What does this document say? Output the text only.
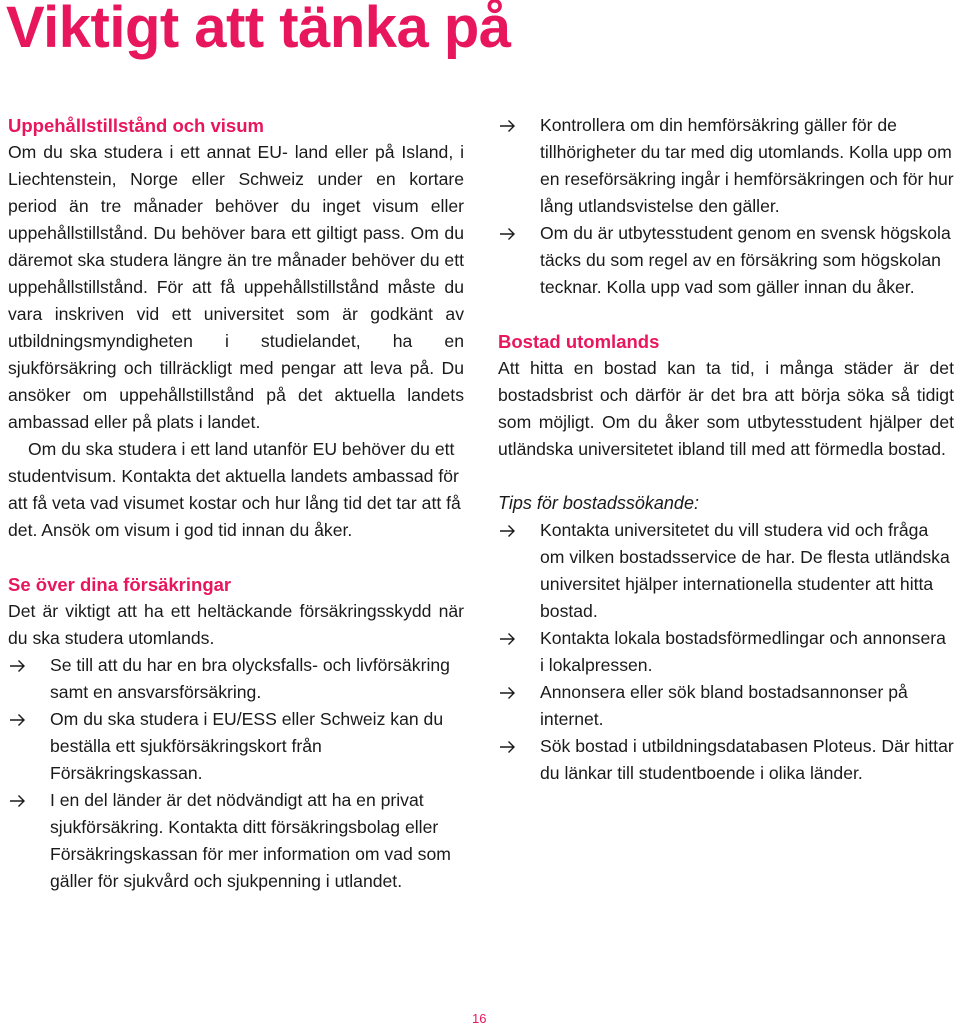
Viktigt att tänka på
Uppehållstillstånd och visum

Om du ska studera i ett annat EU- land eller på Island, i Liechtenstein, Norge eller Schweiz under en kortare period än tre månader behöver du inget visum eller uppehållstillstånd. Du behöver bara ett giltigt pass. Om du däremot ska studera längre än tre månader behöver du ett uppehållstillstånd. För att få uppehållstillstånd måste du vara inskriven vid ett universitet som är godkänt av utbildningsmyndigheten i studielandet, ha en sjukförsäkring och tillräckligt med pengar att leva på. Du ansöker om uppehållstillstånd på det aktuella landets ambassad eller på plats i landet.

Om du ska studera i ett land utanför EU behöver du ett studentvisum. Kontakta det aktuella landets ambassad för att få veta vad visumet kostar och hur lång tid det tar att få det. Ansök om visum i god tid innan du åker.

Se över dina försäkringar

Det är viktigt att ha ett heltäckande försäkringsskydd när du ska studera utomlands.

Se till att du har en bra olycksfalls- och livförsäkring samt en ansvarsförsäkring.
Om du ska studera i EU/ESS eller Schweiz kan du beställa ett sjukförsäkringskort från Försäkringskassan.
I en del länder är det nödvändigt att ha en privat sjukförsäkring. Kontakta ditt försäkringsbolag eller Försäkringskassan för mer information om vad som gäller för sjukvård och sjukpenning i utlandet.
Kontrollera om din hemförsäkring gäller för de tillhörigheter du tar med dig utomlands. Kolla upp om en reseförsäkring ingår i hemförsäkringen och för hur lång utlandsvistelse den gäller.
Om du är utbytesstudent genom en svensk högskola täcks du som regel av en försäkring som högskolan tecknar. Kolla upp vad som gäller innan du åker.
Bostad utomlands

Att hitta en bostad kan ta tid, i många städer är det bostadsbrist och därför är det bra att börja söka så tidigt som möjligt. Om du åker som utbytesstudent hjälper det utländska universitetet ibland till med att förmedla bostad.

Tips för bostadssökande:
Kontakta universitetet du vill studera vid och fråga om vilken bostadsservice de har. De flesta utländska universitet hjälper internationella studenter att hitta bostad.
Kontakta lokala bostadsförmedlingar och annonsera i lokalpressen.
Annonsera eller sök bland bostadsannonser på internet.
Sök bostad i utbildningsdatabasen Ploteus. Där hittar du länkar till studentboende i olika länder.
16
